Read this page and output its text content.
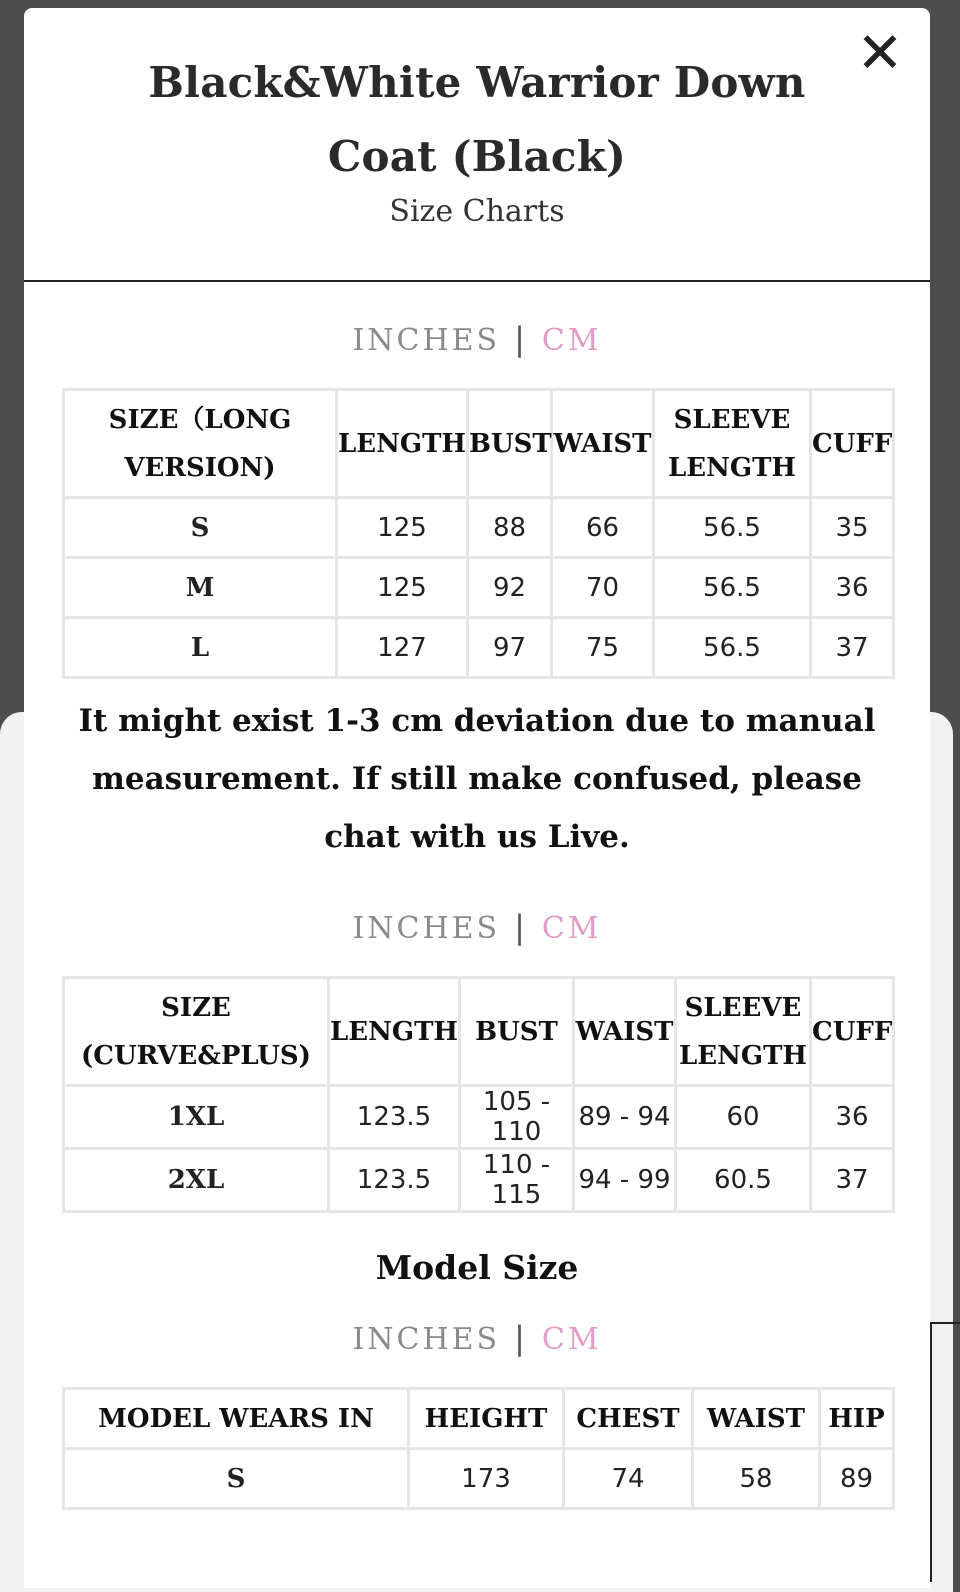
Black&White Warrior Down Coat (Black)
Size Charts
✕
INCHES | CM
SIZE（LONG VERSION)	LENGTH	BUST	WAIST	SLEEVE LENGTH	CUFF
S	125	88	66	56.5	35
M	125	92	70	56.5	36
L	127	97	75	56.5	37
It might exist 1-3 cm deviation due to manual measurement. If still make confused, please chat with us Live.
INCHES | CM
SIZE (CURVE&PLUS)	LENGTH	BUST	WAIST	SLEEVE LENGTH	CUFF
1XL	123.5	105 - 110	89 - 94	60	36
2XL	123.5	110 - 115	94 - 99	60.5	37
Model Size
INCHES | CM
MODEL WEARS IN	HEIGHT	CHEST	WAIST	HIP
S	173	74	58	89
